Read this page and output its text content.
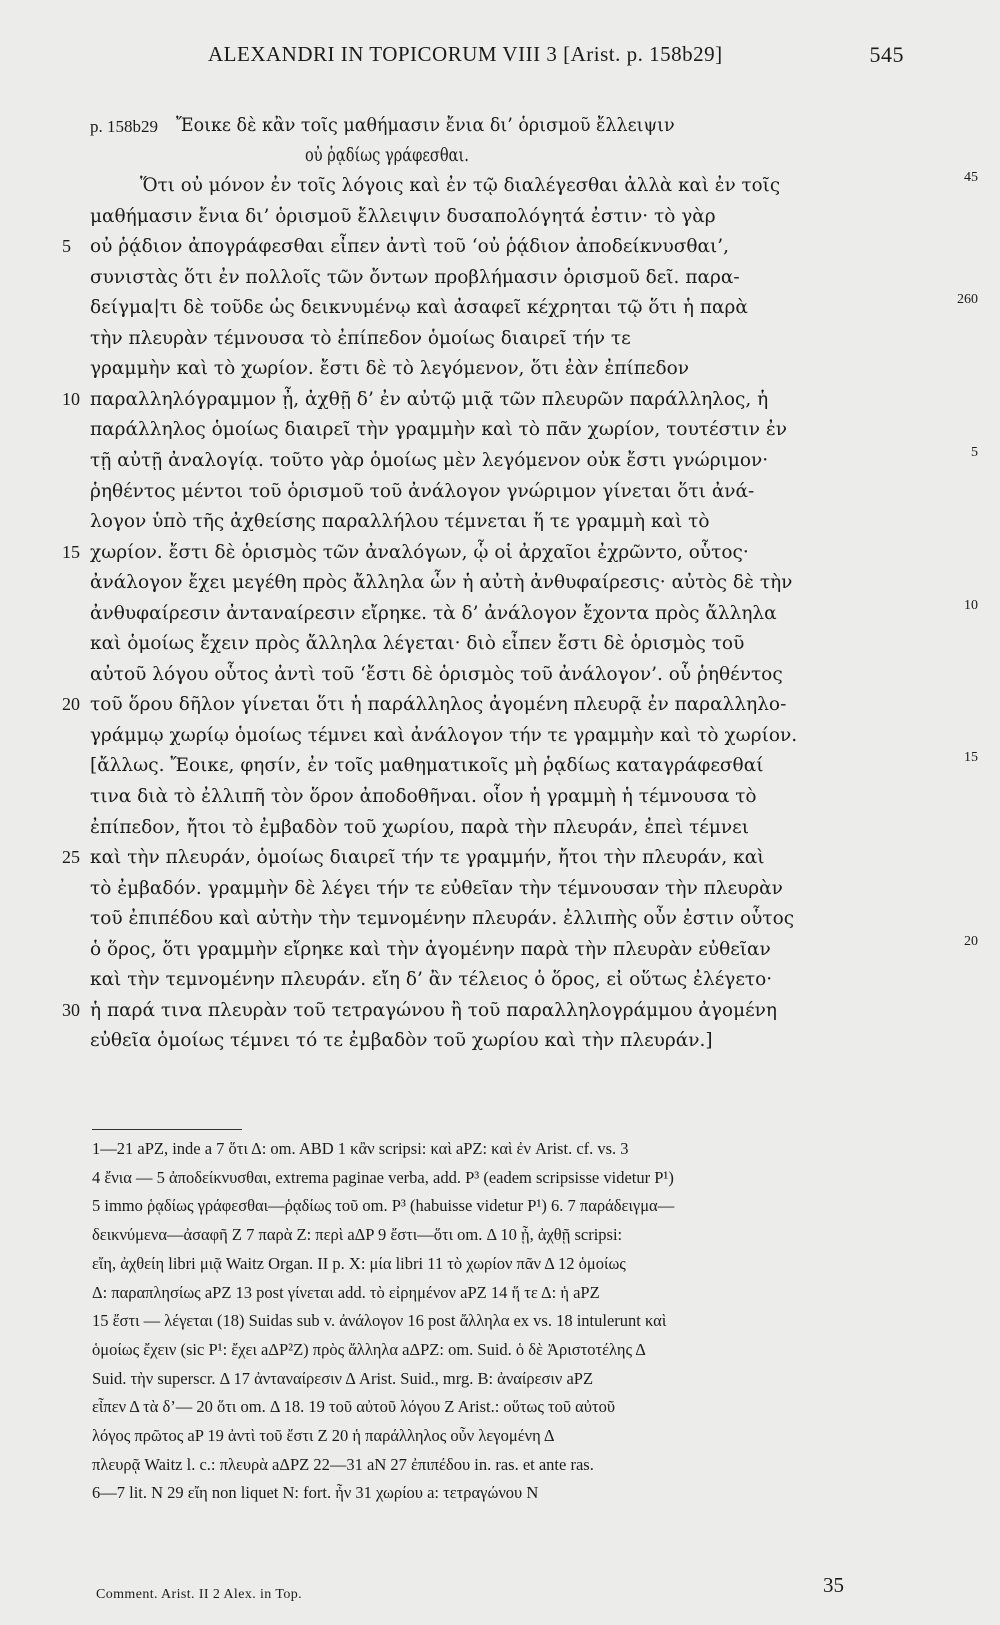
ALEXANDRI IN TOPICORUM VIII 3 [Arist. p. 158b29]	545
p. 158b29 Ἔοικε δὲ κἂν τοῖς μαθήμασιν ἔνια δι’ ὁρισμοῦ ἔλλειψιν
οὐ ῥᾳδίως γράφεσθαι.
Ὅτι οὐ μόνον ἐν τοῖς λόγοις καὶ ἐν τῷ διαλέγεσθαι ἀλλὰ καὶ ἐν τοῖς	45
μαθήμασιν ἔνια δι’ ὁρισμοῦ ἔλλειψιν δυσαπολόγητά ἐστιν· τὸ γὰρ
οὐ ῥᾴδιον ἀπογράφεσθαι εἶπεν ἀντὶ τοῦ ‘οὐ ῥᾴδιον ἀποδείκνυσθαι’,
5
συνιστὰς ὅτι ἐν πολλοῖς τῶν ὄντων προβλήμασιν ὁρισμοῦ δεῖ. παρα-
δείγμα|τι δὲ τοῦδε ὡς δεικνυμένῳ καὶ ἀσαφεῖ κέχρηται τῷ ὅτι ἡ παρὰ	260
τὴν πλευρὰν τέμνουσα τὸ ἐπίπεδον ὁμοίως διαιρεῖ τήν τε
γραμμὴν καὶ τὸ χωρίον. ἔστι δὲ τὸ λεγόμενον, ὅτι ἐὰν ἐπίπεδον
παραλληλόγραμμον ᾖ, ἀχθῇ δ’ ἐν αὐτῷ μιᾷ τῶν πλευρῶν παράλληλος, ἡ
10
παράλληλος ὁμοίως διαιρεῖ τὴν γραμμὴν καὶ τὸ πᾶν χωρίον, τουτέστιν ἐν
τῇ αὐτῇ ἀναλογίᾳ. τοῦτο γὰρ ὁμοίως μὲν λεγόμενον οὐκ ἔστι γνώριμον·	5
ῥηθέντος μέντοι τοῦ ὁρισμοῦ τοῦ ἀνάλογον γνώριμον γίνεται ὅτι ἀνά-
λογον ὑπὸ τῆς ἀχθείσης παραλλήλου τέμνεται ἥ τε γραμμὴ καὶ τὸ
χωρίον. ἔστι δὲ ὁρισμὸς τῶν ἀναλόγων, ᾧ οἱ ἀρχαῖοι ἐχρῶντο, οὗτος·
15
ἀνάλογον ἔχει μεγέθη πρὸς ἄλληλα ὧν ἡ αὐτὴ ἀνθυφαίρεσις· αὐτὸς δὲ τὴν
ἀνθυφαίρεσιν ἀνταναίρεσιν εἴρηκε. τὰ δ’ ἀνάλογον ἔχοντα πρὸς ἄλληλα	10
καὶ ὁμοίως ἔχειν πρὸς ἄλληλα λέγεται· διὸ εἶπεν ἔστι δὲ ὁρισμὸς τοῦ
αὐτοῦ λόγου οὗτος ἀντὶ τοῦ ‘ἔστι δὲ ὁρισμὸς τοῦ ἀνάλογον’. οὗ ῥηθέντος
τοῦ ὅρου δῆλον γίνεται ὅτι ἡ παράλληλος ἀγομένη πλευρᾷ ἐν παραλληλο-
20
γράμμῳ χωρίῳ ὁμοίως τέμνει καὶ ἀνάλογον τήν τε γραμμὴν καὶ τὸ χωρίον.
[ἄλλως. Ἔοικε, φησίν, ἐν τοῖς μαθηματικοῖς μὴ ῥᾳδίως καταγράφεσθαί	15
τινα διὰ τὸ ἐλλιπῆ τὸν ὅρον ἀποδοθῆναι. οἷον ἡ γραμμὴ ἡ τέμνουσα τὸ
ἐπίπεδον, ἤτοι τὸ ἐμβαδὸν τοῦ χωρίου, παρὰ τὴν πλευράν, ἐπεὶ τέμνει
καὶ τὴν πλευράν, ὁμοίως διαιρεῖ τήν τε γραμμήν, ἤτοι τὴν πλευράν, καὶ
25
τὸ ἐμβαδόν. γραμμὴν δὲ λέγει τήν τε εὐθεῖαν τὴν τέμνουσαν τὴν πλευρὰν
τοῦ ἐπιπέδου καὶ αὐτὴν τὴν τεμνομένην πλευράν. ἐλλιπὴς οὖν ἐστιν οὗτος
ὁ ὅρος, ὅτι γραμμὴν εἴρηκε καὶ τὴν ἀγομένην παρὰ τὴν πλευρὰν εὐθεῖαν	20
καὶ τὴν τεμνομένην πλευράν. εἴη δ’ ἂν τέλειος ὁ ὅρος, εἰ οὕτως ἐλέγετο·
ἡ παρά τινα πλευρὰν τοῦ τετραγώνου ἢ τοῦ παραλληλογράμμου ἀγομένη
30
εὐθεῖα ὁμοίως τέμνει τό τε ἐμβαδὸν τοῦ χωρίου καὶ τὴν πλευράν.]
1—21 aPZ, inde a 7 ὅτι Δ: om. ABD 1 κἂν scripsi: καὶ aPZ: καὶ ἐν Arist. cf. vs. 3
4 ἔνια — 5 ἀποδείκνυσθαι, extrema paginae verba, add. P³ (eadem scripsisse videtur P¹)
5 immo ῥᾳδίως γράφεσθαι—ῥᾳδίως τοῦ om. P³ (habuisse videtur P¹) 6. 7 παράδειγμα—
δεικνύμενα—ἀσαφῆ Z 7 παρὰ Z: περὶ aΔP 9 ἔστι—ὅτι om. Δ 10 ᾖ, ἀχθῇ scripsi:
εἴη, ἀχθείη libri μιᾷ Waitz Organ. II p. X: μία libri 11 τὸ χωρίον πᾶν Δ 12 ὁμοίως
Δ: παραπλησίως aPZ 13 post γίνεται add. τὸ εἰρημένον aPZ 14 ἥ τε Δ: ἡ aPZ
15 ἔστι — λέγεται (18) Suidas sub v. ἀνάλογον 16 post ἄλληλα ex vs. 18 intulerunt καὶ
ὁμοίως ἔχειν (sic P¹: ἔχει aΔP²Z) πρὸς ἄλληλα aΔPZ: om. Suid. ὁ δὲ Ἀριστοτέλης Δ
Suid. τὴν superscr. Δ 17 ἀνταναίρεσιν Δ Arist. Suid., mrg. B: ἀναίρεσιν aPZ
εἶπεν Δ τὰ δ’— 20 ὅτι om. Δ 18. 19 τοῦ αὐτοῦ λόγου Z Arist.: οὕτως τοῦ αὐτοῦ
λόγος πρῶτος aP 19 ἀντὶ τοῦ ἔστι Z 20 ἡ παράλληλος οὖν λεγομένη Δ
πλευρᾷ Waitz l. c.: πλευρὰ aΔPZ 22—31 aN 27 ἐπιπέδου in. ras. et ante ras.
6—7 lit. N 29 εἴη non liquet N: fort. ἦν 31 χωρίου a: τετραγώνου N
Comment. Arist. II 2 Alex. in Top.	35
